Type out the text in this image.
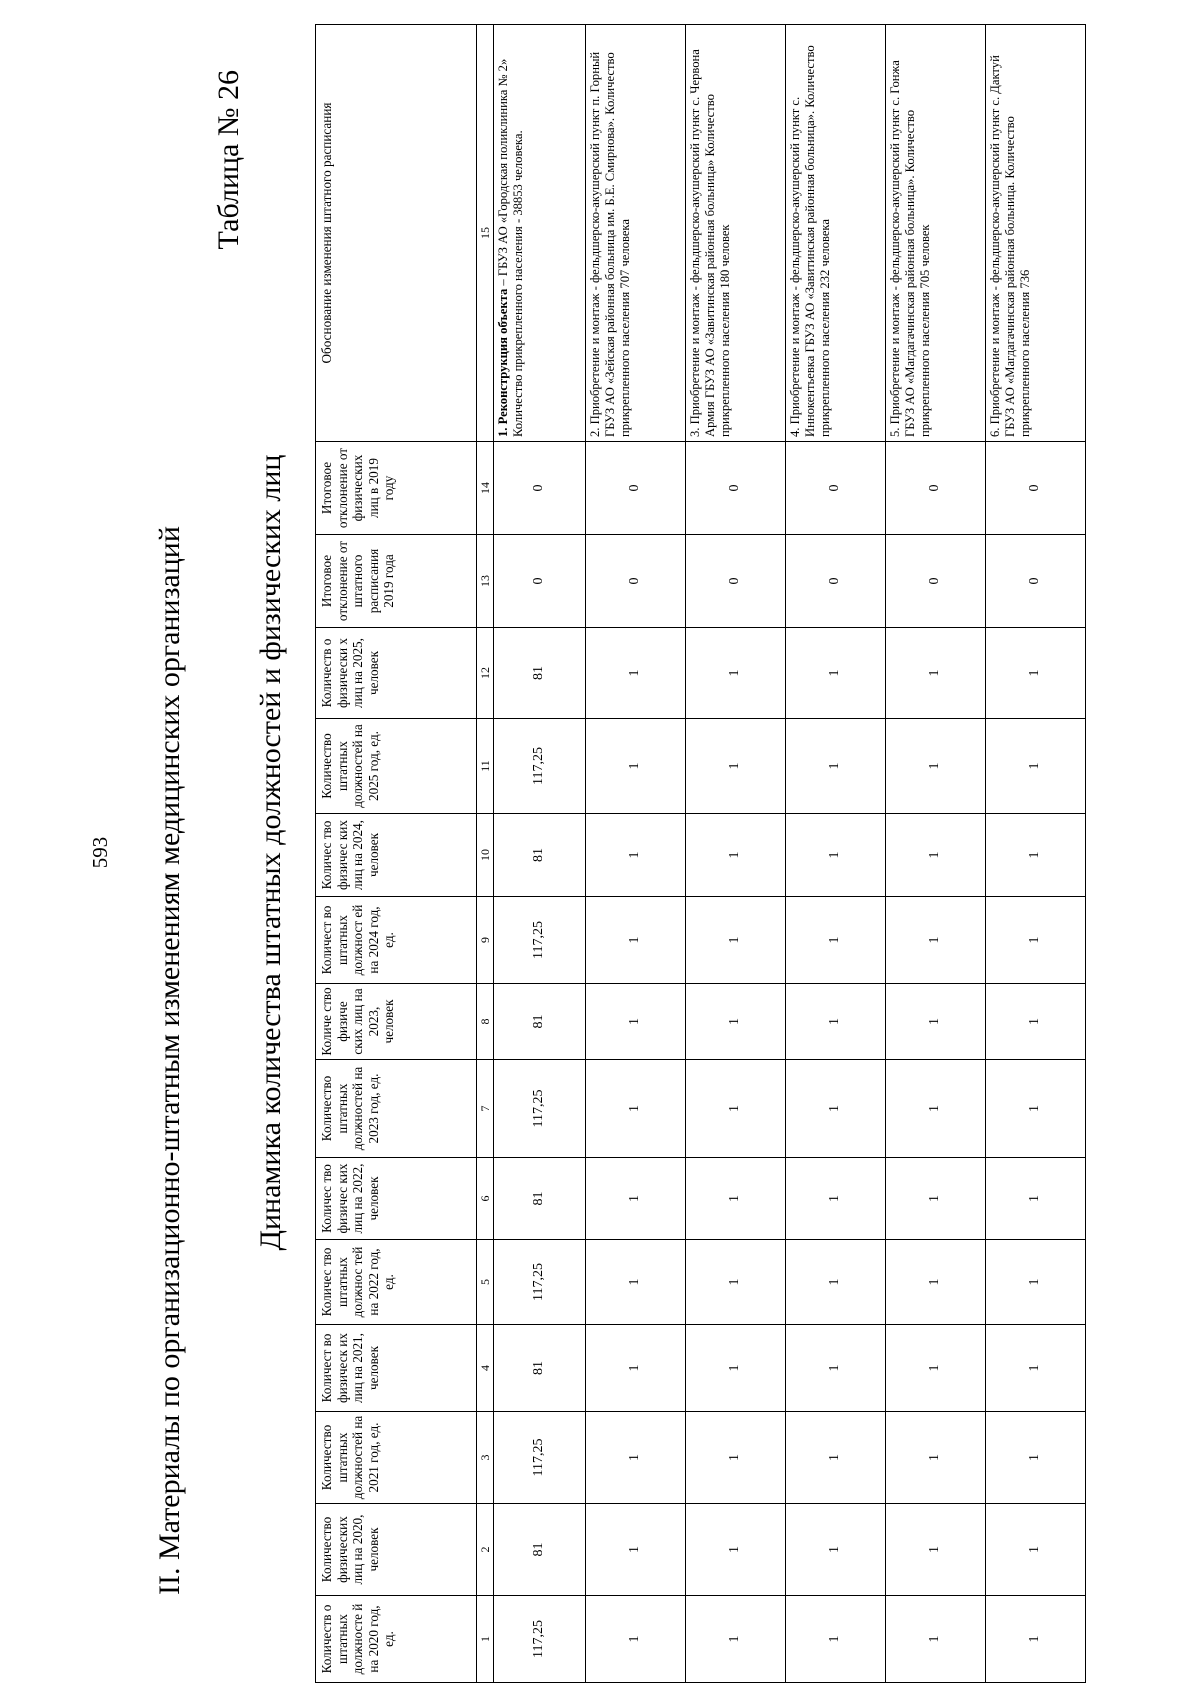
593 II. Материалы по организационно-штатным изменениям медицинских организаций
Таблица № 26
Динамика количества штатных должностей и физических лиц
Количеств о штатных должносте й на 2020 год, ед.	Количество физических лиц на 2020, человек	Количество штатных должностей на 2021 год, ед.	Количест во физическ их лиц на 2021, человек	Количес тво штатных должнос тей на 2022 год, ед.	Количес тво физичес ких лиц на 2022, человек	Количество штатных должностей на 2023 год, ед.	Количе ство физиче ских лиц на 2023, человек	Количест во штатных должност ей на 2024 год, ед.	Количес тво физичес ких лиц на 2024, человек	Количество штатных должностей на 2025 год, ед.	Количеств о физически х лиц на 2025, человек	Итоговое отклонение от штатного расписания 2019 года	Итоговое отклонение от физических лиц в 2019 году	Обоснование изменения штатного расписания
1	2	3	4	5	6	7	8	9	10	11	12	13	14	15
117,25	81	117,25	81	117,25	81	117,25	81	117,25	81	117,25	81	0	0	1. Реконструкция объекта – ГБУЗ АО «Городская поликлиника № 2» Количество прикрепленного населения - 38853 человека.
1	1	1	1	1	1	1	1	1	1	1	1	0	0	2. Приобретение и монтаж - фельдшерско-акушерский пункт п. Горный ГБУЗ АО «Зейская районная больница им. Б.Е. Смирнова». Количество прикрепленного населения 707 человека
1	1	1	1	1	1	1	1	1	1	1	1	0	0	3. Приобретение и монтаж - фельдшерско-акушерский пункт с. Червона Армия ГБУЗ АО «Завитинская районная больница» Количество прикрепленного населения 180 человек
1	1	1	1	1	1	1	1	1	1	1	1	0	0	4. Приобретение и монтаж - фельдшерско-акушерский пункт с. Иннокентьевка ГБУЗ АО «Завитинская районная больница». Количество прикрепленного населения 232 человека
1	1	1	1	1	1	1	1	1	1	1	1	0	0	5. Приобретение и монтаж - фельдшерско-акушерский пункт с. Гонжа ГБУЗ АО «Магдагачинская районная больница». Количество прикрепленного населения 705 человек
1	1	1	1	1	1	1	1	1	1	1	1	0	0	6. Приобретение и монтаж - фельдшерско-акушерский пункт с. Дактуй ГБУЗ АО «Магдагачинская районная больница. Количество прикрепленного населения 736
